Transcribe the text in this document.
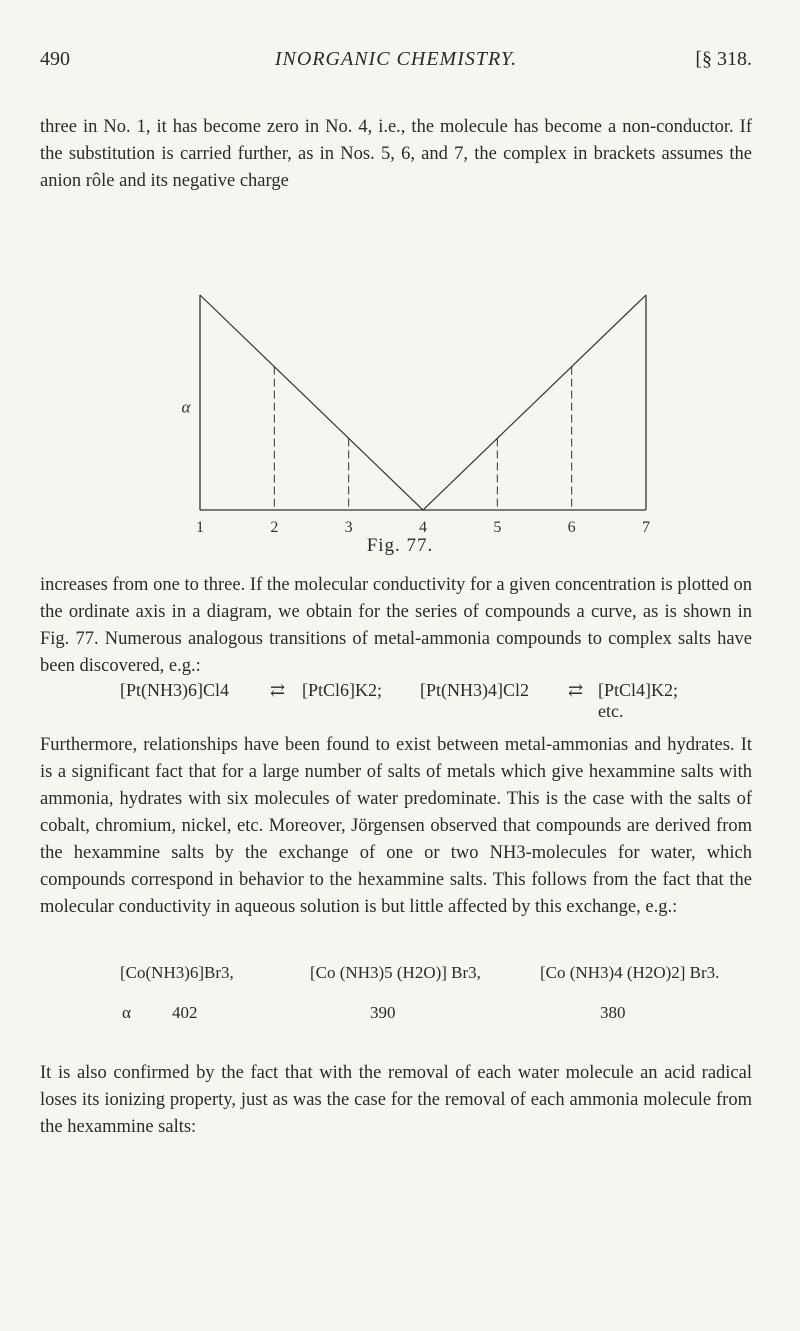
490	INORGANIC CHEMISTRY.	[§ 318.

three in No. 1, it has become zero in No. 4, i.e., the molecule has become a non-conductor. If the substitution is carried further, as in Nos. 5, 6, and 7, the complex in brackets assumes the anion rôle and its negative charge

1	2	3	4	5	6	7
α
Fig. 77.

increases from one to three. If the molecular conductivity for a given concentration is plotted on the ordinate axis in a diagram, we obtain for the series of compounds a curve, as is shown in Fig. 77. Numerous analogous transitions of metal-ammonia compounds to complex salts have been discovered, e.g.:

[Pt(NH3)6]Cl4 ⇄ [PtCl6]K2; [Pt(NH3)4]Cl2 ⇄ [PtCl4]K2; etc.

Furthermore, relationships have been found to exist between metal-ammonias and hydrates. It is a significant fact that for a large number of salts of metals which give hexammine salts with ammonia, hydrates with six molecules of water predominate. This is the case with the salts of cobalt, chromium, nickel, etc. Moreover, Jörgensen observed that compounds are derived from the hexammine salts by the exchange of one or two NH3-molecules for water, which compounds correspond in behavior to the hexammine salts. This follows from the fact that the molecular conductivity in aqueous solution is but little affected by this exchange, e.g.:

[Co(NH3)6]Br3,	[Co (NH3)5 (H2O)] Br3,	[Co (NH3)4 (H2O)2] Br3.
α 402	390	380

It is also confirmed by the fact that with the removal of each water molecule an acid radical loses its ionizing property, just as was the case for the removal of each ammonia molecule from the hexammine salts:
